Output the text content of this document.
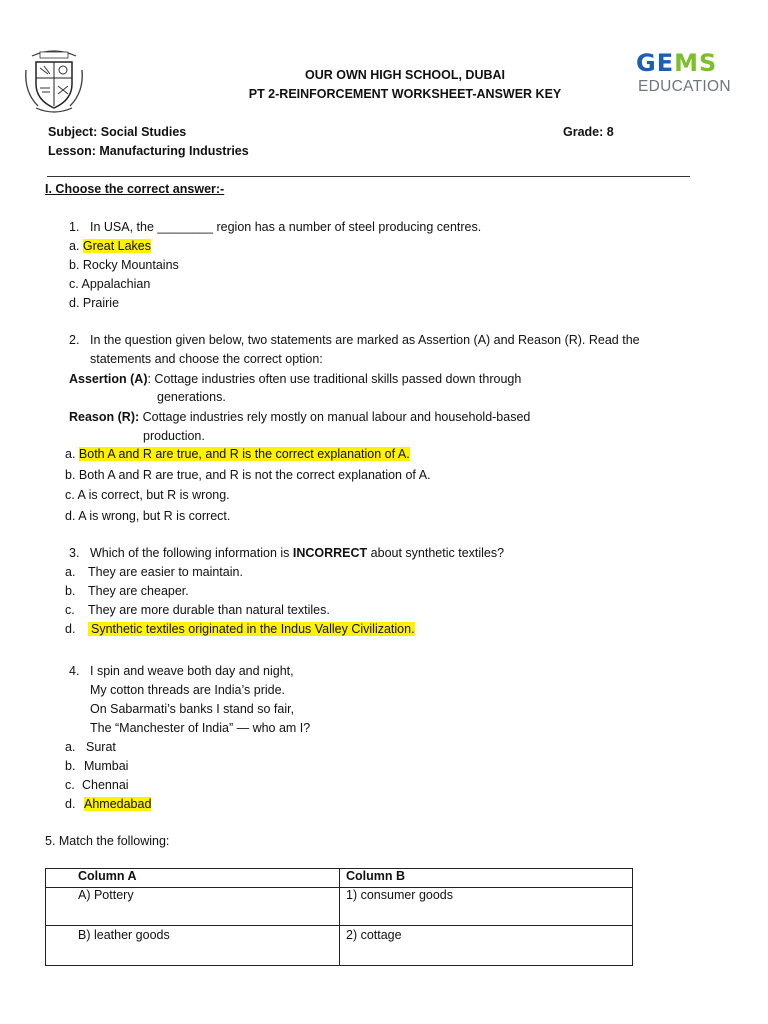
GEMS
EDUCATION
OUR OWN HIGH SCHOOL, DUBAI
PT 2-REINFORCEMENT WORKSHEET-ANSWER KEY
Subject: Social Studies	Grade: 8
Lesson: Manufacturing Industries
I. Choose the correct answer:-
1. In USA, the ________ region has a number of steel producing centres.
a. Great Lakes
b. Rocky Mountains
c. Appalachian
d. Prairie
2. In the question given below, two statements are marked as Assertion (A) and Reason (R). Read the
statements and choose the correct option:
Assertion (A): Cottage industries often use traditional skills passed down through
generations.
Reason (R): Cottage industries rely mostly on manual labour and household-based
production.
a. Both A and R are true, and R is the correct explanation of A.
b. Both A and R are true, and R is not the correct explanation of A.
c. A is correct, but R is wrong.
d. A is wrong, but R is correct.
3. Which of the following information is INCORRECT about synthetic textiles?
a. They are easier to maintain.
b. They are cheaper.
c. They are more durable than natural textiles.
d. Synthetic textiles originated in the Indus Valley Civilization.
4. I spin and weave both day and night,
My cotton threads are India’s pride.
On Sabarmati’s banks I stand so fair,
The “Manchester of India” — who am I?
a. Surat
b. Mumbai
c. Chennai
d. Ahmedabad
5. Match the following:
Column A	Column B
A) Pottery	1) consumer goods
B) leather goods	2) cottage
